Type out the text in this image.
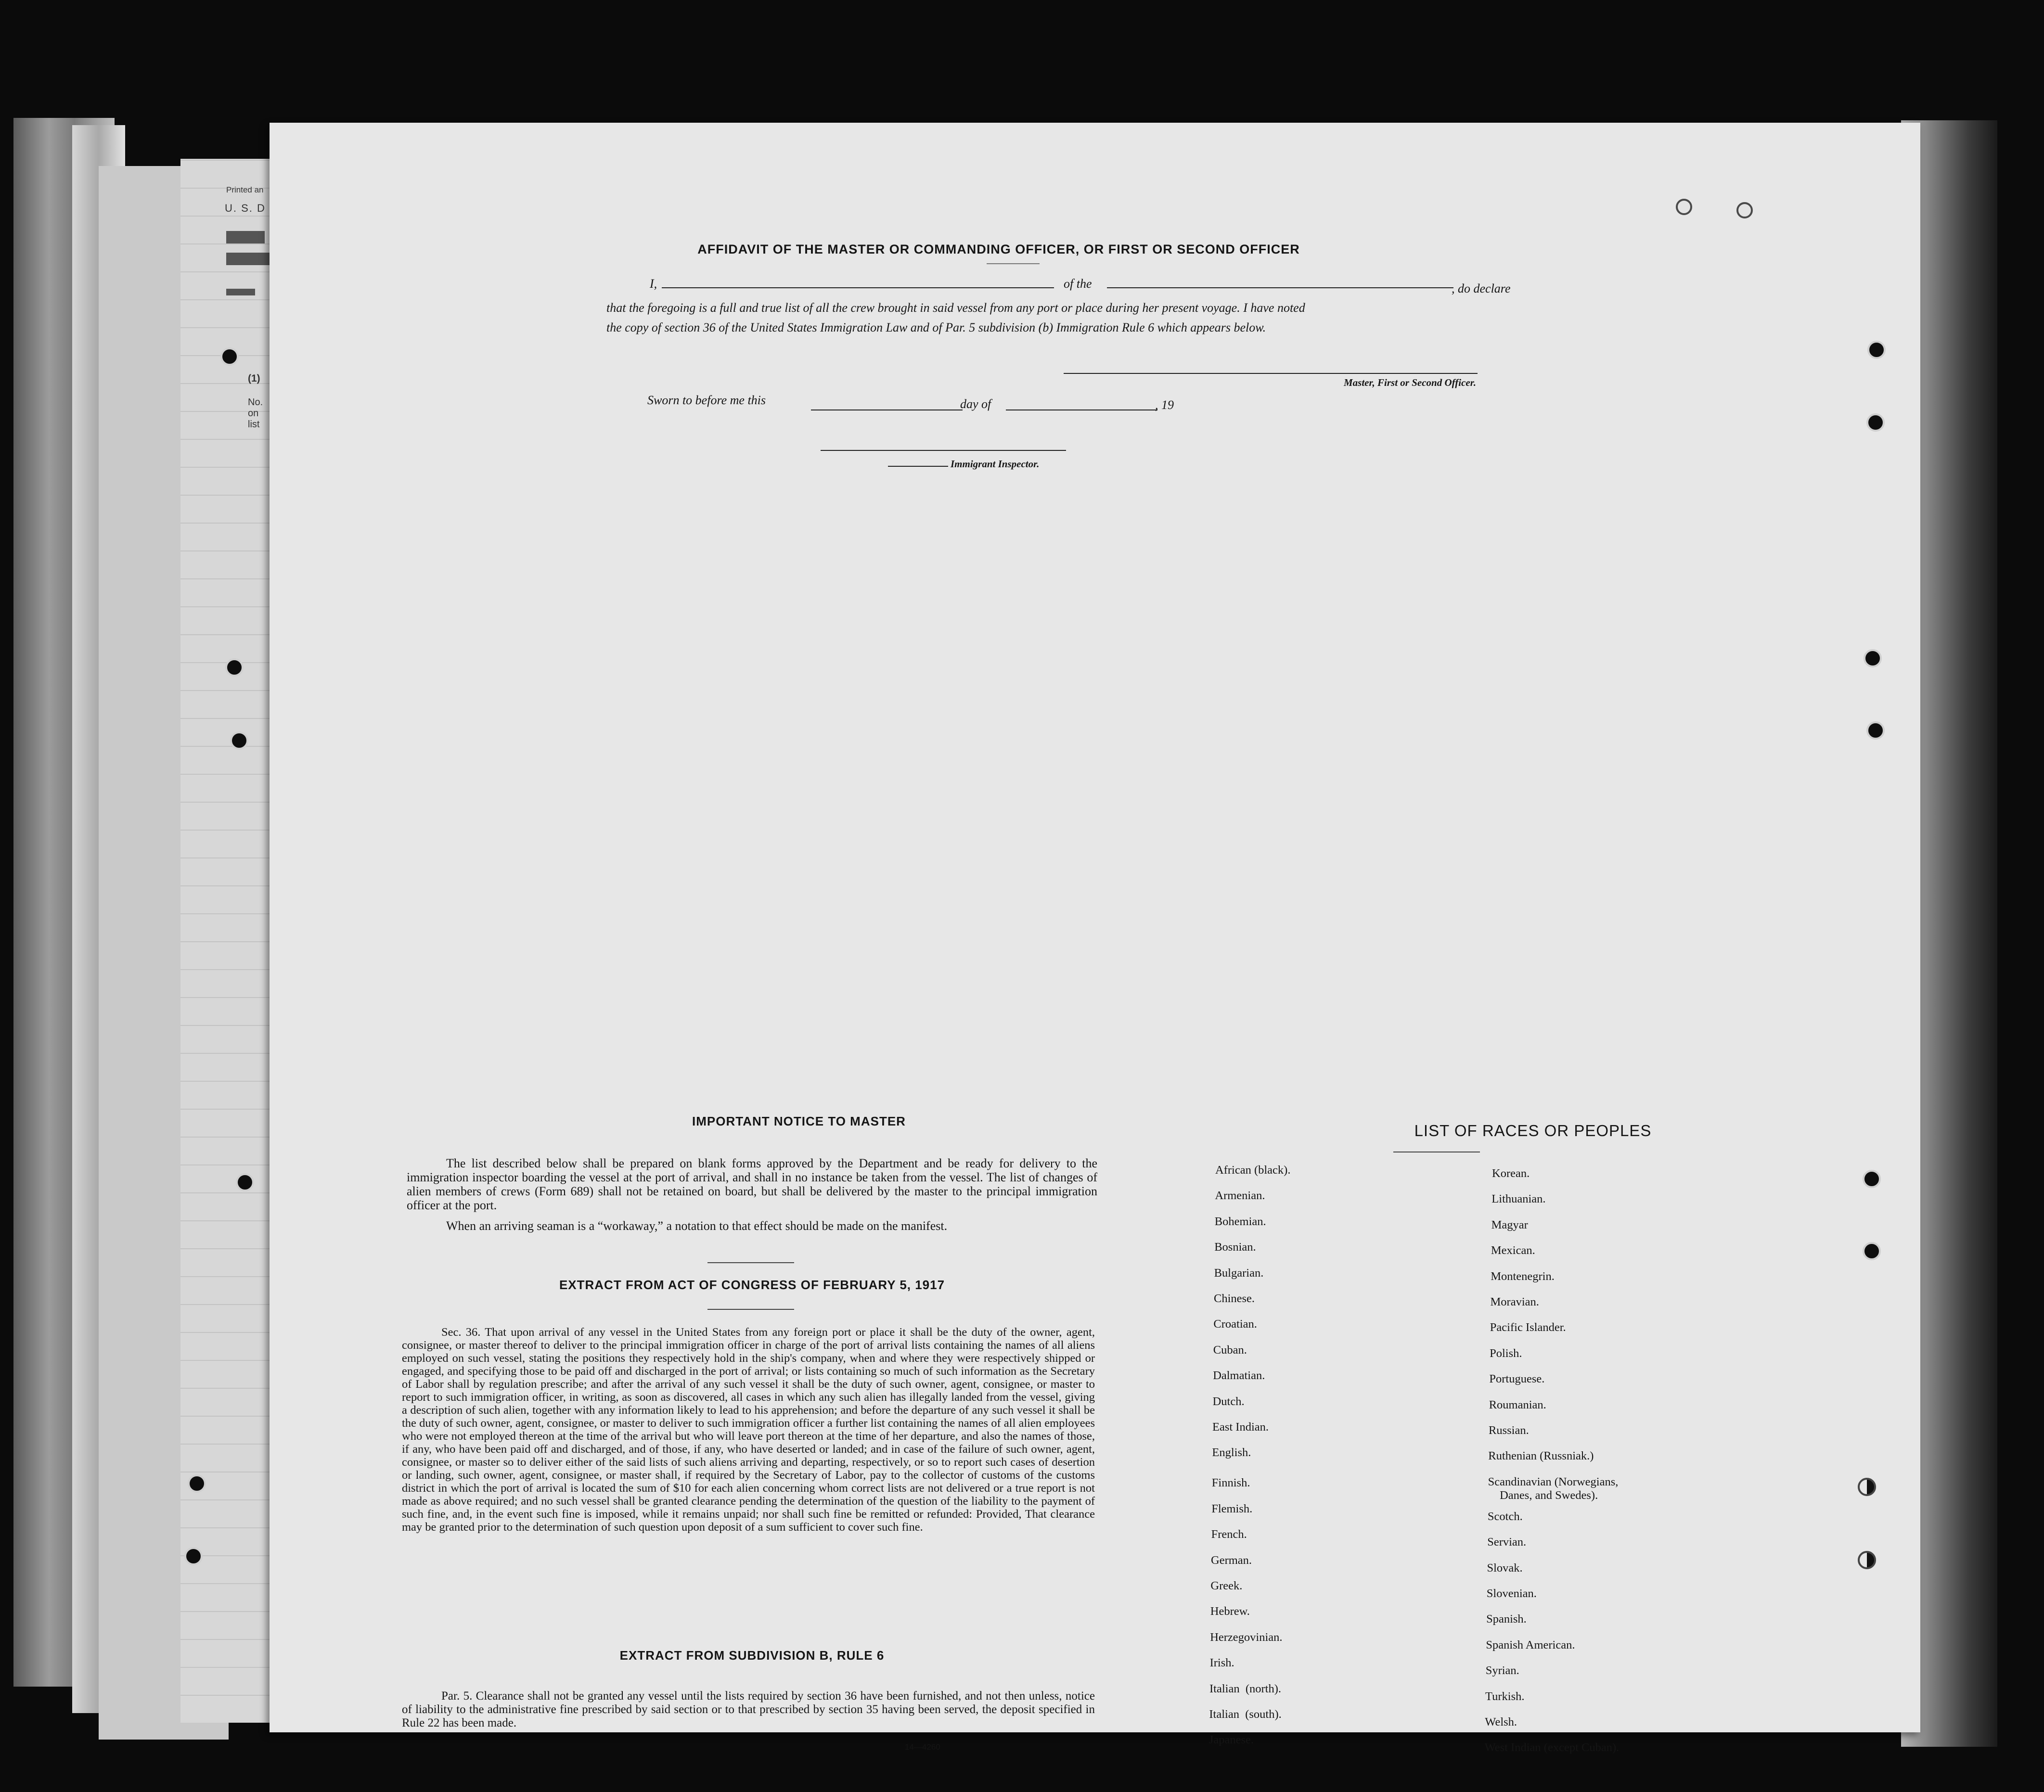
Printed an
U. S. D
(1)
No.
on
list
AFFIDAVIT OF THE MASTER OR COMMANDING OFFICER, OR FIRST OR SECOND OFFICER
I,	of the	, do declare
that the foregoing is a full and true list of all the crew brought in said vessel from any port or place during her present voyage. I have noted
the copy of section 36 of the United States Immigration Law and of Par. 5 subdivision (b) Immigration Rule 6 which appears below.
Master, First or Second Officer.
Sworn to before me this	day of	, 19
Immigrant Inspector.
IMPORTANT NOTICE TO MASTER

The list described below shall be prepared on blank forms approved by the Department and be ready for delivery to the immigration inspector boarding the vessel at the port of arrival, and shall in no instance be taken from the vessel. The list of changes of alien members of crews (Form 689) shall not be retained on board, but shall be delivered by the master to the principal immigration officer at the port.

When an arriving seaman is a “workaway,” a notation to that effect should be made on the manifest.

EXTRACT FROM ACT OF CONGRESS OF FEBRUARY 5, 1917
Sec. 36. That upon arrival of any vessel in the United States from any foreign port or place it shall be the duty of the owner, agent, consignee, or master thereof to deliver to the principal immigration officer in charge of the port of arrival lists containing the names of all aliens employed on such vessel, stating the positions they respectively hold in the ship's company, when and where they were respectively shipped or engaged, and specifying those to be paid off and discharged in the port of arrival; or lists containing so much of such information as the Secretary of Labor shall by regulation prescribe; and after the arrival of any such vessel it shall be the duty of such owner, agent, consignee, or master to report to such immigration officer, in writing, as soon as discovered, all cases in which any such alien has illegally landed from the vessel, giving a description of such alien, together with any information likely to lead to his apprehension; and before the departure of any such vessel it shall be the duty of such owner, agent, consignee, or master to deliver to such immigration officer a further list containing the names of all alien employees who were not employed thereon at the time of the arrival but who will leave port thereon at the time of her departure, and also the names of those, if any, who have been paid off and discharged, and of those, if any, who have deserted or landed; and in case of the failure of such owner, agent, consignee, or master so to deliver either of the said lists of such aliens arriving and departing, respectively, or so to report such cases of desertion or landing, such owner, agent, consignee, or master shall, if required by the Secretary of Labor, pay to the collector of customs of the customs district in which the port of arrival is located the sum of $10 for each alien concerning whom correct lists are not delivered or a true report is not made as above required; and no such vessel shall be granted clearance pending the determination of the question of the liability to the payment of such fine, and, in the event such fine is imposed, while it remains unpaid; nor shall such fine be remitted or refunded: Provided, That clearance may be granted prior to the determination of such question upon deposit of a sum sufficient to cover such fine.
EXTRACT FROM SUBDIVISION B, RULE 6
Par. 5. Clearance shall not be granted any vessel until the lists required by section 36 have been furnished, and not then unless, notice of liability to the administrative fine prescribed by said section or to that prescribed by section 35 having been served, the deposit specified in Rule 22 has been made.
14—4260
LIST OF RACES OR PEOPLES
African (black).
Armenian.
Bohemian.
Bosnian.
Bulgarian.
Chinese.
Croatian.
Cuban.
Dalmatian.
Dutch.
East Indian.
English.
Finnish.
Flemish.
French.
German.
Greek.
Hebrew.
Herzegovinian.
Irish.
Italian  (north).
Italian  (south).
Japanese.
Korean.
Lithuanian.
Magyar
Mexican.
Montenegrin.
Moravian.
Pacific Islander.
Polish.
Portuguese.
Roumanian.
Russian.
Ruthenian (Russniak.)
Scandinavian (Norwegians,
Danes, and Swedes).
Scotch.
Servian.
Slovak.
Slovenian.
Spanish.
Spanish American.
Syrian.
Turkish.
Welsh.
West Indian (except Cuban).
